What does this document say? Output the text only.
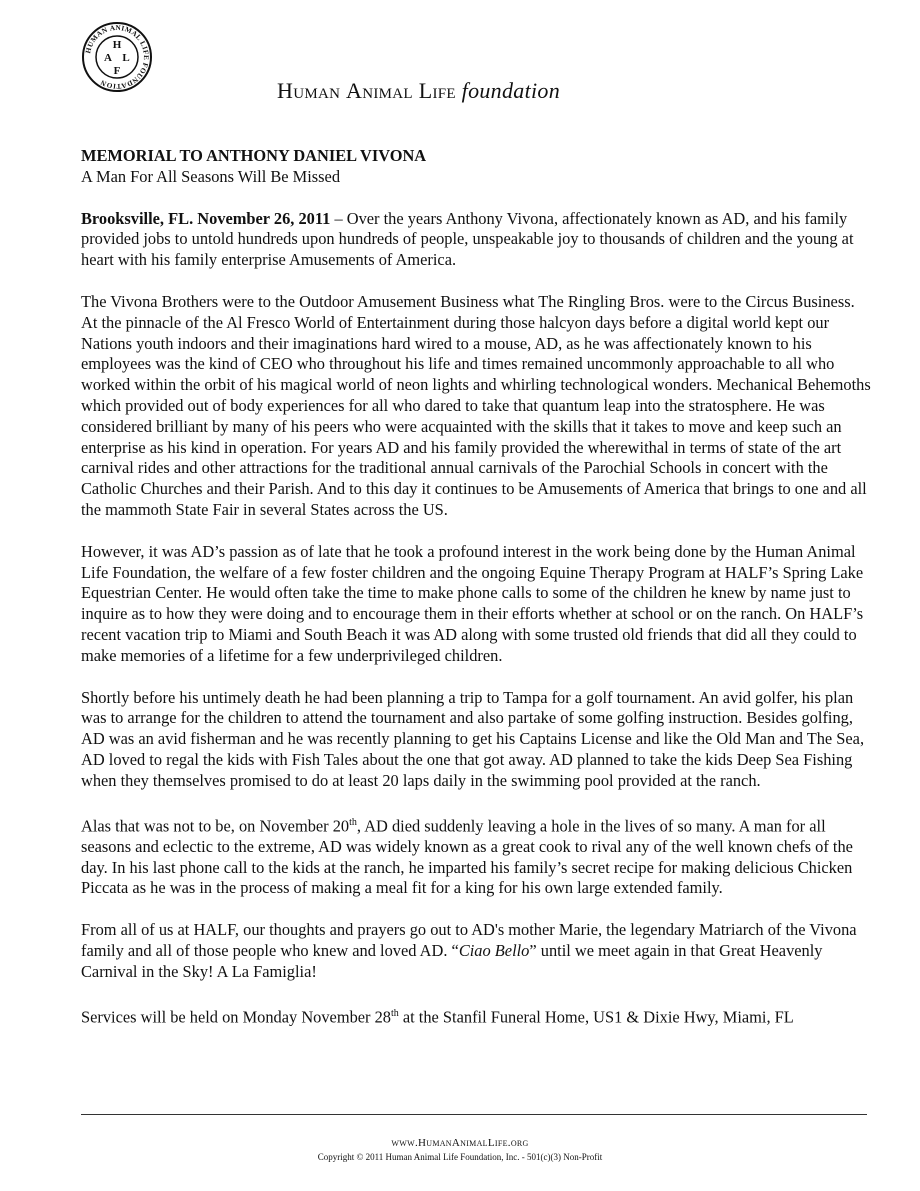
HUMAN ANIMAL LIFE FOUNDATION
H
A L
F
Human Animal Life foundation

MEMORIAL TO ANTHONY DANIEL VIVONA

A Man For All Seasons Will Be Missed

Brooksville, FL. November 26, 2011 – Over the years Anthony Vivona, affectionately known as AD, and his family provided jobs to untold hundreds upon hundreds of people, unspeakable joy to thousands of children and the young at heart with his family enterprise Amusements of America.

The Vivona Brothers were to the Outdoor Amusement Business what The Ringling Bros. were to the Circus Business. At the pinnacle of the Al Fresco World of Entertainment during those halcyon days before a digital world kept our Nations youth indoors and their imaginations hard wired to a mouse, AD, as he was affectionately known to his employees was the kind of CEO who throughout his life and times remained uncommonly approachable to all who worked within the orbit of his magical world of neon lights and whirling technological wonders. Mechanical Behemoths which provided out of body experiences for all who dared to take that quantum leap into the stratosphere. He was considered brilliant by many of his peers who were acquainted with the skills that it takes to move and keep such an enterprise as his kind in operation. For years AD and his family provided the wherewithal in terms of state of the art carnival rides and other attractions for the traditional annual carnivals of the Parochial Schools in concert with the Catholic Churches and their Parish. And to this day it continues to be Amusements of America that brings to one and all the mammoth State Fair in several States across the US.

However, it was AD’s passion as of late that he took a profound interest in the work being done by the Human Animal Life Foundation, the welfare of a few foster children and the ongoing Equine Therapy Program at HALF’s Spring Lake Equestrian Center. He would often take the time to make phone calls to some of the children he knew by name just to inquire as to how they were doing and to encourage them in their efforts whether at school or on the ranch. On HALF’s recent vacation trip to Miami and South Beach it was AD along with some trusted old friends that did all they could to make memories of a lifetime for a few underprivileged children.

Shortly before his untimely death he had been planning a trip to Tampa for a golf tournament. An avid golfer, his plan was to arrange for the children to attend the tournament and also partake of some golfing instruction. Besides golfing, AD was an avid fisherman and he was recently planning to get his Captains License and like the Old Man and The Sea, AD loved to regal the kids with Fish Tales about the one that got away. AD planned to take the kids Deep Sea Fishing when they themselves promised to do at least 20 laps daily in the swimming pool provided at the ranch.

Alas that was not to be, on November 20th, AD died suddenly leaving a hole in the lives of so many. A man for all seasons and eclectic to the extreme, AD was widely known as a great cook to rival any of the well known chefs of the day. In his last phone call to the kids at the ranch, he imparted his family’s secret recipe for making delicious Chicken Piccata as he was in the process of making a meal fit for a king for his own large extended family.

From all of us at HALF, our thoughts and prayers go out to AD's mother Marie, the legendary Matriarch of the Vivona family and all of those people who knew and loved AD. “Ciao Bello” until we meet again in that Great Heavenly Carnival in the Sky! A La Famiglia!

Services will be held on Monday November 28th at the Stanfil Funeral Home, US1 & Dixie Hwy, Miami, FL

www.HumanAnimalLife.org
Copyright © 2011 Human Animal Life Foundation, Inc. - 501(c)(3) Non-Profit
